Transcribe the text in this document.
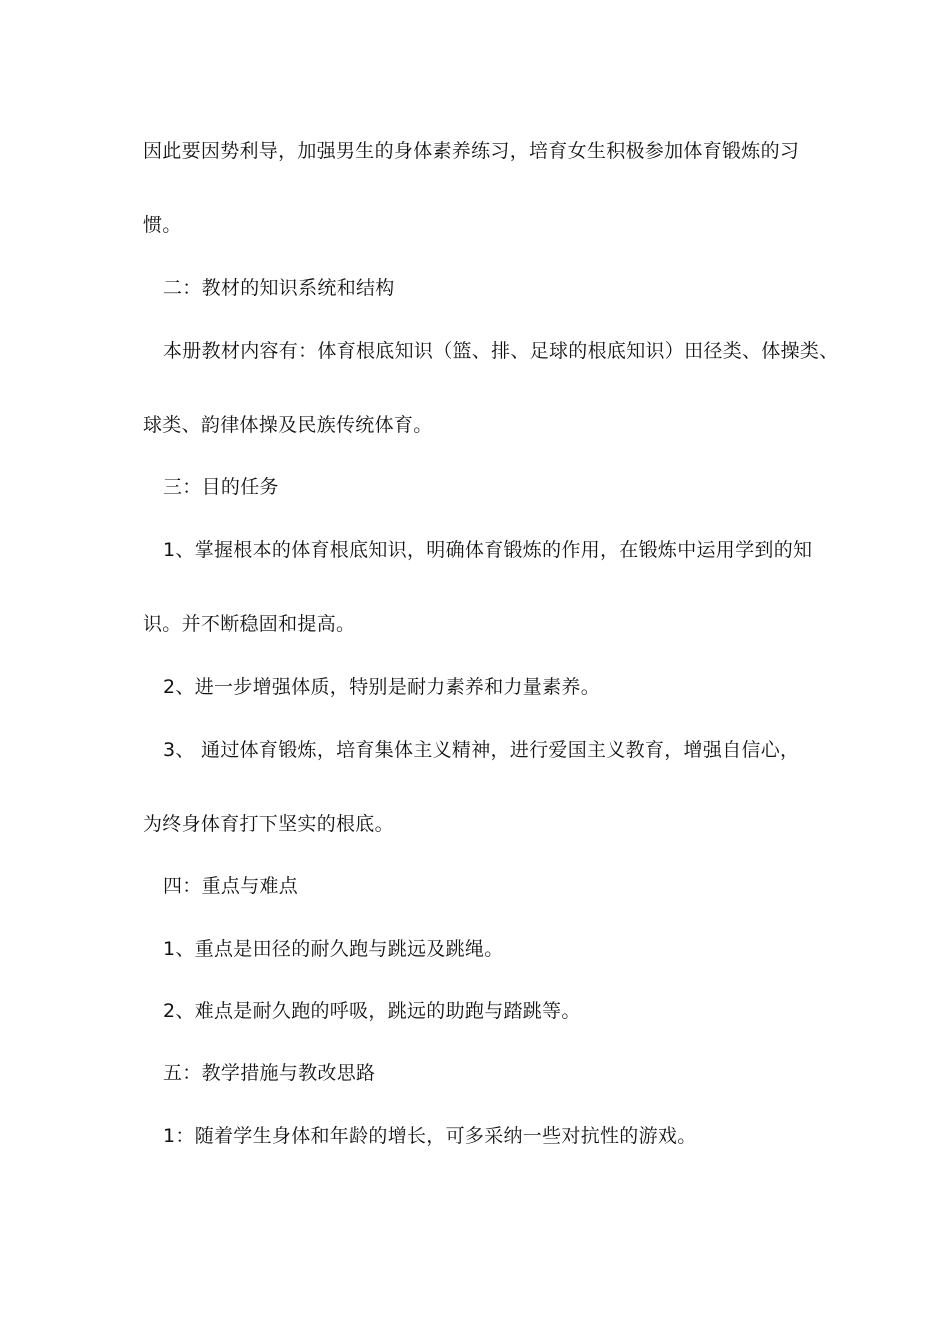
因此要因势利导，加强男生的身体素养练习，培育女生积极参加体育锻炼的习
惯。
二：教材的知识系统和结构
本册教材内容有：体育根底知识（篮、排、足球的根底知识）田径类、体操类、
球类、韵律体操及民族传统体育。
三：目的任务
1、掌握根本的体育根底知识，明确体育锻炼的作用，在锻炼中运用学到的知
识。并不断稳固和提高。
2、进一步增强体质，特别是耐力素养和力量素养。
3、 通过体育锻炼，培育集体主义精神，进行爱国主义教育，增强自信心，
为终身体育打下坚实的根底。
四：重点与难点
1、重点是田径的耐久跑与跳远及跳绳。
2、难点是耐久跑的呼吸，跳远的助跑与踏跳等。
五：教学措施与教改思路
1：随着学生身体和年龄的增长，可多采纳一些对抗性的游戏。
